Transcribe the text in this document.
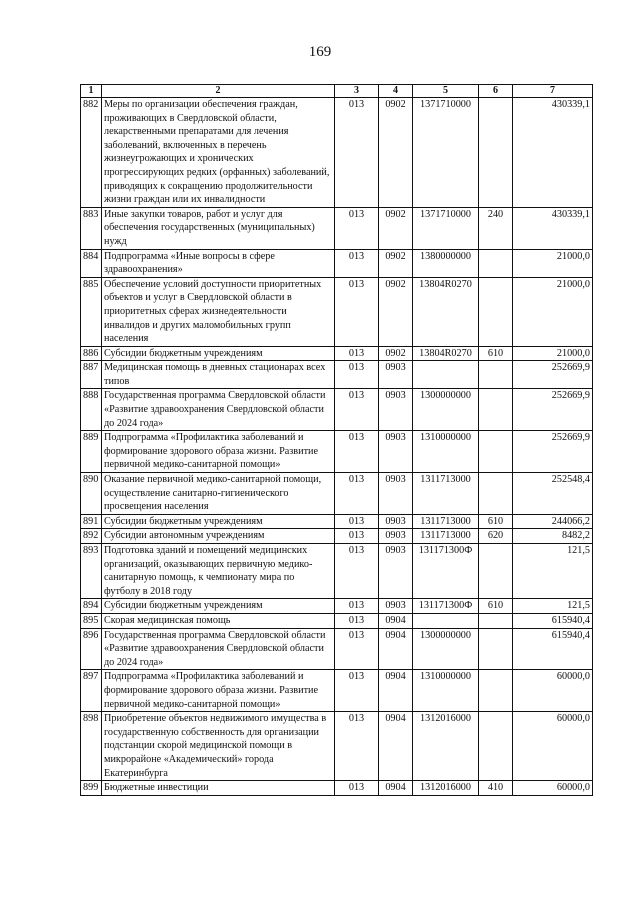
169
1	2	3	4	5	6	7
882	Меры по организации обеспечения граждан, проживающих в Свердловской области, лекарственными препаратами для лечения заболеваний, включенных в перечень жизнеугрожающих и хронических прогрессирующих редких (орфанных) заболеваний, приводящих к сокращению продолжительности жизни граждан или их инвалидности	013	0902	1371710000		430339,1
883	Иные закупки товаров, работ и услуг для обеспечения государственных (муниципальных) нужд	013	0902	1371710000	240	430339,1
884	Подпрограмма «Иные вопросы в сфере здравоохранения»	013	0902	1380000000		21000,0
885	Обеспечение условий доступности приоритетных объектов и услуг в Свердловской области в приоритетных сферах жизнедеятельности инвалидов и других маломобильных групп населения	013	0902	13804R0270		21000,0
886	Субсидии бюджетным учреждениям	013	0902	13804R0270	610	21000,0
887	Медицинская помощь в дневных стационарах всех типов	013	0903			252669,9
888	Государственная программа Свердловской области «Развитие здравоохранения Свердловской области до 2024 года»	013	0903	1300000000		252669,9
889	Подпрограмма «Профилактика заболеваний и формирование здорового образа жизни. Развитие первичной медико-санитарной помощи»	013	0903	1310000000		252669,9
890	Оказание первичной медико-санитарной помощи, осуществление санитарно-гигиенического просвещения населения	013	0903	1311713000		252548,4
891	Субсидии бюджетным учреждениям	013	0903	1311713000	610	244066,2
892	Субсидии автономным учреждениям	013	0903	1311713000	620	8482,2
893	Подготовка зданий и помещений медицинских организаций, оказывающих первичную медико-санитарную помощь, к чемпионату мира по футболу в 2018 году	013	0903	131171300Ф		121,5
894	Субсидии бюджетным учреждениям	013	0903	131171300Ф	610	121,5
895	Скорая медицинская помощь	013	0904			615940,4
896	Государственная программа Свердловской области «Развитие здравоохранения Свердловской области до 2024 года»	013	0904	1300000000		615940,4
897	Подпрограмма «Профилактика заболеваний и формирование здорового образа жизни. Развитие первичной медико-санитарной помощи»	013	0904	1310000000		60000,0
898	Приобретение объектов недвижимого имущества в государственную собственность для организации подстанции скорой медицинской помощи в микрорайоне «Академический» города Екатеринбурга	013	0904	1312016000		60000,0
899	Бюджетные инвестиции	013	0904	1312016000	410	60000,0
